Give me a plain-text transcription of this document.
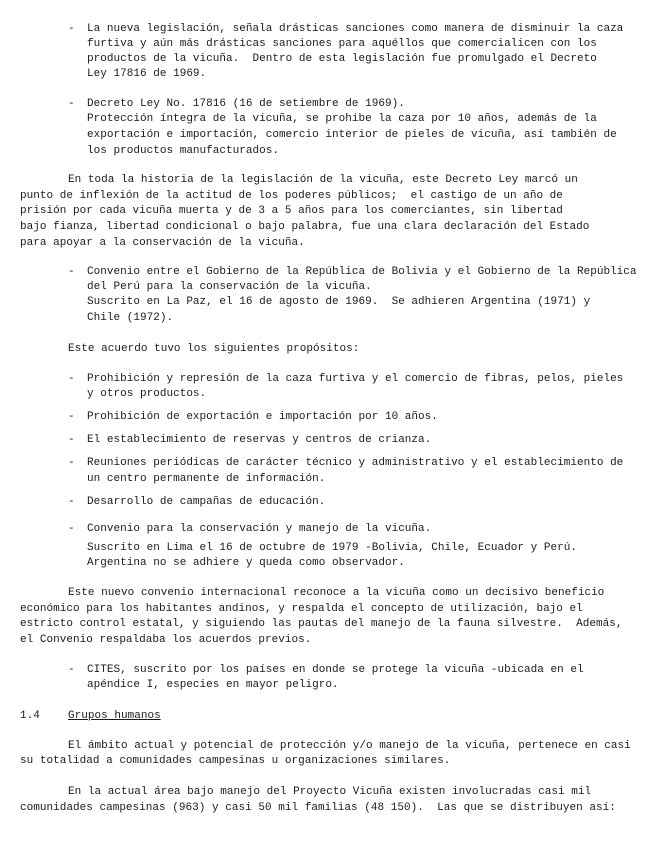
- La nueva legislación, señala drásticas sanciones como manera de disminuir la caza
furtiva y aún más drásticas sanciones para aquéllos que comercialicen con los
productos de la vicuña.  Dentro de esta legislación fue promulgado el Decreto
Ley 17816 de 1969.
- Decreto Ley No. 17816 (16 de setiembre de 1969).
Protección íntegra de la vicuña, se prohibe la caza por 10 años, además de la
exportación e importación, comercio interior de pieles de vicuña, así también de
los productos manufacturados.
En toda la historia de la legislación de la vicuña, este Decreto Ley marcó un
punto de inflexión de la actitud de los poderes públicos;  el castigo de un año de
prisión por cada vicuña muerta y de 3 a 5 años para los comerciantes, sin libertad
bajo fianza, libertad condicional o bajo palabra, fue una clara declaración del Estado
para apoyar a la conservación de la vicuña.
- Convenio entre el Gobierno de la República de Bolivia y el Gobierno de la República
del Perú para la conservación de la vicuña.
Suscrito en La Paz, el 16 de agosto de 1969.  Se adhieren Argentina (1971) y
Chile (1972).
Este acuerdo tuvo los siguientes propósitos:
- Prohibición y represión de la caza furtiva y el comercio de fibras, pelos, pieles
y otros productos.
- Prohibición de exportación e importación por 10 años.
- El establecimiento de reservas y centros de crianza.
- Reuniones periódicas de carácter técnico y administrativo y el establecimiento de
un centro permanente de información.
- Desarrollo de campañas de educación.
- Convenio para la conservación y manejo de la vicuña.
Suscrito en Lima el 16 de octubre de 1979 -Bolivia, Chile, Ecuador y Perú.
Argentina no se adhiere y queda como observador.
Este nuevo convenio internacional reconoce a la vicuña como un decisivo beneficio
económico para los habitantes andinos, y respalda el concepto de utilización, bajo el
estricto control estatal, y siguiendo las pautas del manejo de la fauna silvestre.  Además,
el Convenio respaldaba los acuerdos previos.
- CITES, suscrito por los países en donde se protege la vicuña -ubicada en el
apéndice I, especies en mayor peligro.
1.4	Grupos humanos
El ámbito actual y potencial de protección y/o manejo de la vicuña, pertenece en casi
su totalidad a comunidades campesinas u organizaciones similares.
En la actual área bajo manejo del Proyecto Vicuña existen involucradas casi mil
comunidades campesinas (963) y casi 50 mil familias (48 150).  Las que se distribuyen así:
